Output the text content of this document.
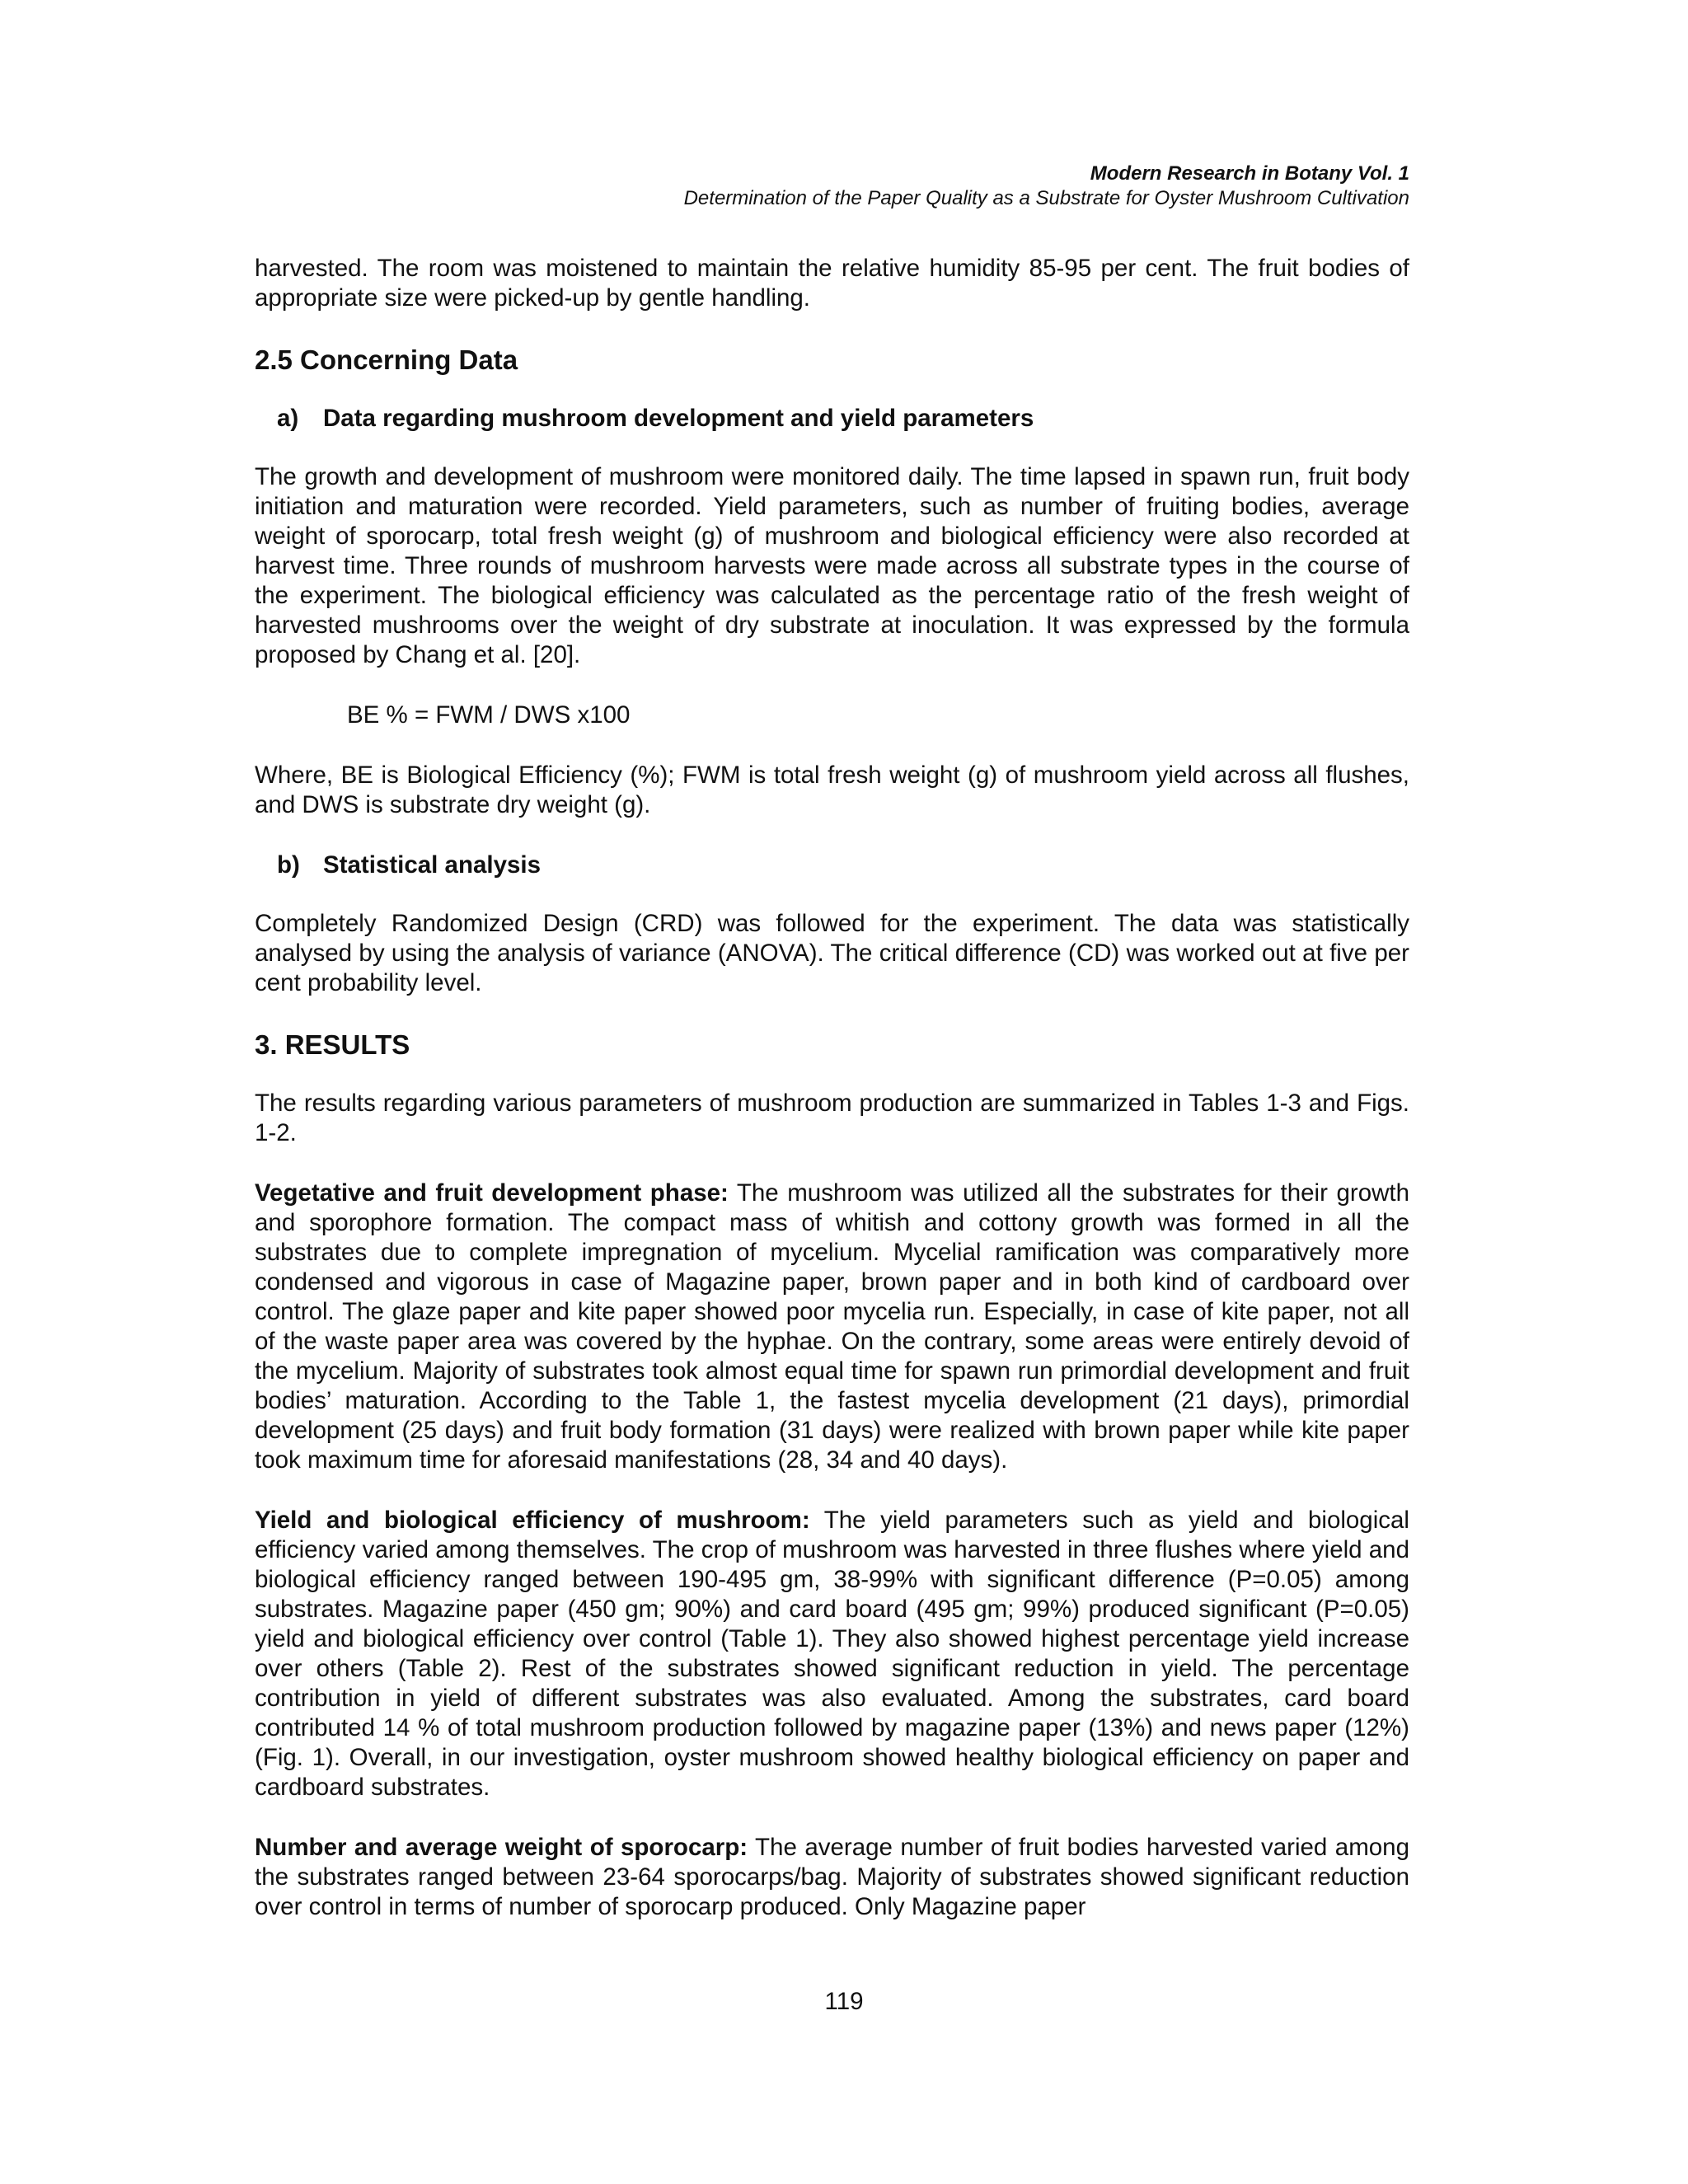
Modern Research in Botany Vol. 1
Determination of the Paper Quality as a Substrate for Oyster Mushroom Cultivation

harvested. The room was moistened to maintain the relative humidity 85-95 per cent. The fruit bodies of appropriate size were picked-up by gentle handling.

2.5 Concerning Data
a) Data regarding mushroom development and yield parameters

The growth and development of mushroom were monitored daily. The time lapsed in spawn run, fruit body initiation and maturation were recorded. Yield parameters, such as number of fruiting bodies, average weight of sporocarp, total fresh weight (g) of mushroom and biological efficiency were also recorded at harvest time. Three rounds of mushroom harvests were made across all substrate types in the course of the experiment. The biological efficiency was calculated as the percentage ratio of the fresh weight of harvested mushrooms over the weight of dry substrate at inoculation. It was expressed by the formula proposed by Chang et al. [20].

BE % = FWM / DWS x100

Where, BE is Biological Efficiency (%); FWM is total fresh weight (g) of mushroom yield across all flushes, and DWS is substrate dry weight (g).

b) Statistical analysis

Completely Randomized Design (CRD) was followed for the experiment. The data was statistically analysed by using the analysis of variance (ANOVA). The critical difference (CD) was worked out at five per cent probability level.

3. RESULTS

The results regarding various parameters of mushroom production are summarized in Tables 1-3 and Figs. 1-2.

Vegetative and fruit development phase: The mushroom was utilized all the substrates for their growth and sporophore formation. The compact mass of whitish and cottony growth was formed in all the substrates due to complete impregnation of mycelium. Mycelial ramification was comparatively more condensed and vigorous in case of Magazine paper, brown paper and in both kind of cardboard over control. The glaze paper and kite paper showed poor mycelia run. Especially, in case of kite paper, not all of the waste paper area was covered by the hyphae. On the contrary, some areas were entirely devoid of the mycelium. Majority of substrates took almost equal time for spawn run primordial development and fruit bodies’ maturation. According to the Table 1, the fastest mycelia development (21 days), primordial development (25 days) and fruit body formation (31 days) were realized with brown paper while kite paper took maximum time for aforesaid manifestations (28, 34 and 40 days).

Yield and biological efficiency of mushroom: The yield parameters such as yield and biological efficiency varied among themselves. The crop of mushroom was harvested in three flushes where yield and biological efficiency ranged between 190-495 gm, 38-99% with significant difference (P=0.05) among substrates. Magazine paper (450 gm; 90%) and card board (495 gm; 99%) produced significant (P=0.05) yield and biological efficiency over control (Table 1). They also showed highest percentage yield increase over others (Table 2). Rest of the substrates showed significant reduction in yield. The percentage contribution in yield of different substrates was also evaluated. Among the substrates, card board contributed 14 % of total mushroom production followed by magazine paper (13%) and news paper (12%) (Fig. 1). Overall, in our investigation, oyster mushroom showed healthy biological efficiency on paper and cardboard substrates.

Number and average weight of sporocarp: The average number of fruit bodies harvested varied among the substrates ranged between 23-64 sporocarps/bag. Majority of substrates showed significant reduction over control in terms of number of sporocarp produced. Only Magazine paper

119
